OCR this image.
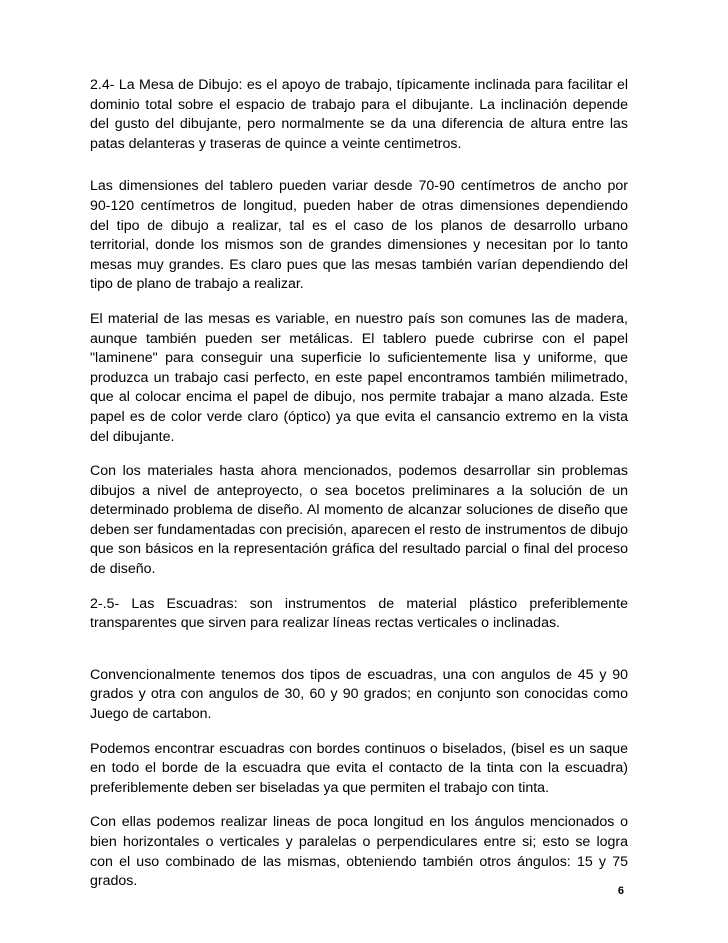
2.4- La Mesa de Dibujo: es el apoyo de trabajo, típicamente inclinada para facilitar el dominio total sobre el espacio de trabajo para el dibujante. La inclinación depende del gusto del dibujante, pero normalmente se da una diferencia de altura entre las patas delanteras y traseras de quince a veinte centimetros.

Las dimensiones del tablero pueden variar desde 70-90 centímetros de ancho por 90-120 centímetros de longitud, pueden haber de otras dimensiones dependiendo del tipo de dibujo a realizar, tal es el caso de los planos de desarrollo urbano territorial, donde los mismos son de grandes dimensiones y necesitan por lo tanto mesas muy grandes. Es claro pues que las mesas también varían dependiendo del tipo de plano de trabajo a realizar.

El material de las mesas es variable, en nuestro país son comunes las de madera, aunque también pueden ser metálicas. El tablero puede cubrirse con el papel "laminene" para conseguir una superficie lo suficientemente lisa y uniforme, que produzca un trabajo casi perfecto, en este papel encontramos también milimetrado, que al colocar encima el papel de dibujo, nos permite trabajar a mano alzada. Este papel es de color verde claro (óptico) ya que evita el cansancio extremo en la vista del dibujante.

Con los materiales hasta ahora mencionados, podemos desarrollar sin problemas dibujos a nivel de anteproyecto, o sea bocetos preliminares a la solución de un determinado problema de diseño. Al momento de alcanzar soluciones de diseño que deben ser fundamentadas con precisión, aparecen el resto de instrumentos de dibujo que son básicos en la representación gráfica del resultado parcial o final del proceso de diseño.

2-.5- Las Escuadras: son instrumentos de material plástico preferiblemente transparentes que sirven para realizar líneas rectas verticales o inclinadas.

Convencionalmente tenemos dos tipos de escuadras, una con angulos de 45 y 90 grados y otra con angulos de 30, 60 y 90 grados; en conjunto son conocidas como Juego de cartabon.

Podemos encontrar escuadras con bordes continuos o biselados, (bisel es un saque en todo el borde de la escuadra que evita el contacto de la tinta con la escuadra) preferiblemente deben ser biseladas ya que permiten el trabajo con tinta.

Con ellas podemos realizar lineas de poca longitud en los ángulos mencionados o bien horizontales o verticales y paralelas o perpendiculares entre si; esto se logra con el uso combinado de las mismas, obteniendo también otros ángulos: 15 y 75 grados.

6
